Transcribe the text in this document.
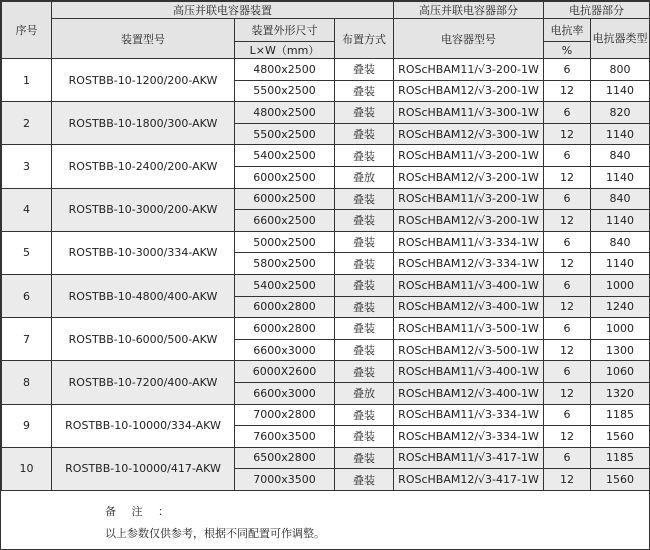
序号	高压并联电容器装置			高压并联电容器部分	电抗器部分	
	装置型号	装置外形尺寸	布置方式	电容器型号	电抗率	电抗器类型
		L×W（mm）			%	
1	ROSTBB-10-1200/200-AKW	4800x2500	叠装	ROScHBAM11/√3-200-1W	6	800
		5500x2500	叠装	ROScHBAM12/√3-200-1W	12	1140
2	ROSTBB-10-1800/300-AKW	4800x2500	叠装	ROScHBAM11/√3-300-1W	6	820
		5500x2500	叠装	ROScHBAM12/√3-300-1W	12	1140
3	ROSTBB-10-2400/200-AKW	5400x2500	叠装	ROScHBAM11/√3-200-1W	6	840
		6000x2500	叠放	ROScHBAM12/√3-200-1W	12	1140
4	ROSTBB-10-3000/200-AKW	6000x2500	叠装	ROScHBAM11/√3-200-1W	6	840
		6600x2500	叠装	ROScHBAM12/√3-200-1W	12	1140
5	ROSTBB-10-3000/334-AKW	5000x2500	叠装	ROScHBAM11/√3-334-1W	6	840
		5800x2500	叠装	ROScHBAM12/√3-334-1W	12	1140
6	ROSTBB-10-4800/400-AKW	5400x2500	叠装	ROScHBAM11/√3-400-1W	6	1000
		6000x2800	叠装	ROScHBAM12/√3-400-1W	12	1240
7	ROSTBB-10-6000/500-AKW	6000x2800	叠装	ROScHBAM11/√3-500-1W	6	1000
		6600x3000	叠装	ROScHBAM12/√3-500-1W	12	1300
8	ROSTBB-10-7200/400-AKW	6000X2600	叠装	ROScHBAM11/√3-400-1W	6	1060
		6600x3000	叠放	ROScHBAM12/√3-400-1W	12	1320
9	ROSTBB-10-10000/334-AKW	7000x2800	叠装	ROScHBAM11/√3-334-1W	6	1185
		7600x3500	叠装	ROScHBAM12/√3-334-1W	12	1560
10	ROSTBB-10-10000/417-AKW	6500x2800	叠装	ROScHBAM11/√3-417-1W	6	1185
		7000x3500	叠装	ROScHBAM12/√3-417-1W	12	1560
备 注 ：
以上参数仅供参考，根据不同配置可作调整。
